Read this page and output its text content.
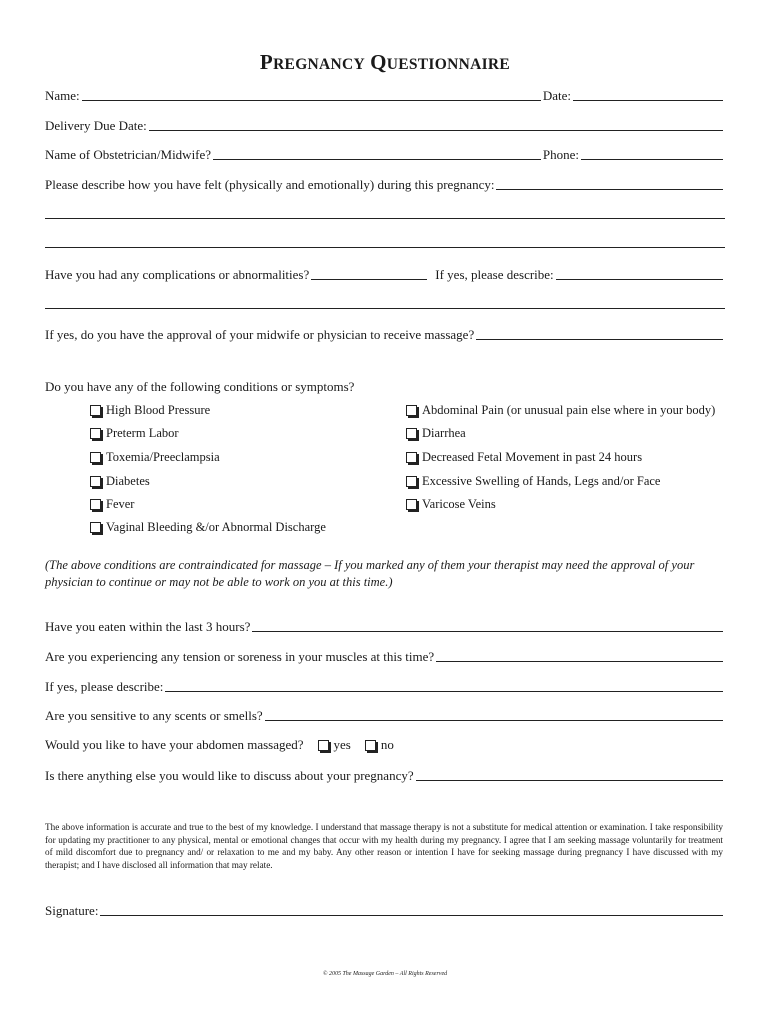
PREGNANCY QUESTIONNAIRE
Name:	Date:
Delivery Due Date:
Name of Obstetrician/Midwife?	Phone:
Please describe how you have felt (physically and emotionally) during this pregnancy:
Have you had any complications or abnormalities?	If yes, please describe:
If yes, do you have the approval of your midwife or physician to receive massage?
Do you have any of the following conditions or symptoms?
High Blood Pressure
Preterm Labor
Toxemia/Preeclampsia
Diabetes
Fever
Vaginal Bleeding &/or Abnormal Discharge
Abdominal Pain (or unusual pain else where in your body)
Diarrhea
Decreased Fetal Movement in past 24 hours
Excessive Swelling of Hands, Legs and/or Face
Varicose Veins
(The above conditions are contraindicated for massage – If you marked any of them your therapist may need the approval of your
physician to continue or may not be able to work on you at this time.)
Have you eaten within the last 3 hours?
Are you experiencing any tension or soreness in your muscles at this time?
If yes, please describe:
Are you sensitive to any scents or smells?
Would you like to have your abdomen massaged? yes no
Is there anything else you would like to discuss about your pregnancy?
The above information is accurate and true to the best of my knowledge. I understand that massage therapy is not a substitute for medical attention or examination. I take responsibility for updating my practitioner to any physical, mental or emotional changes that occur with my health during my pregnancy. I agree that I am seeking massage voluntarily for treatment of mild discomfort due to pregnancy and/ or relaxation to me and my baby. Any other reason or intention I have for seeking massage during pregnancy I have discussed with my therapist; and I have disclosed all information that may relate.
Signature:
© 2005 The Massage Garden – All Rights Reserved
